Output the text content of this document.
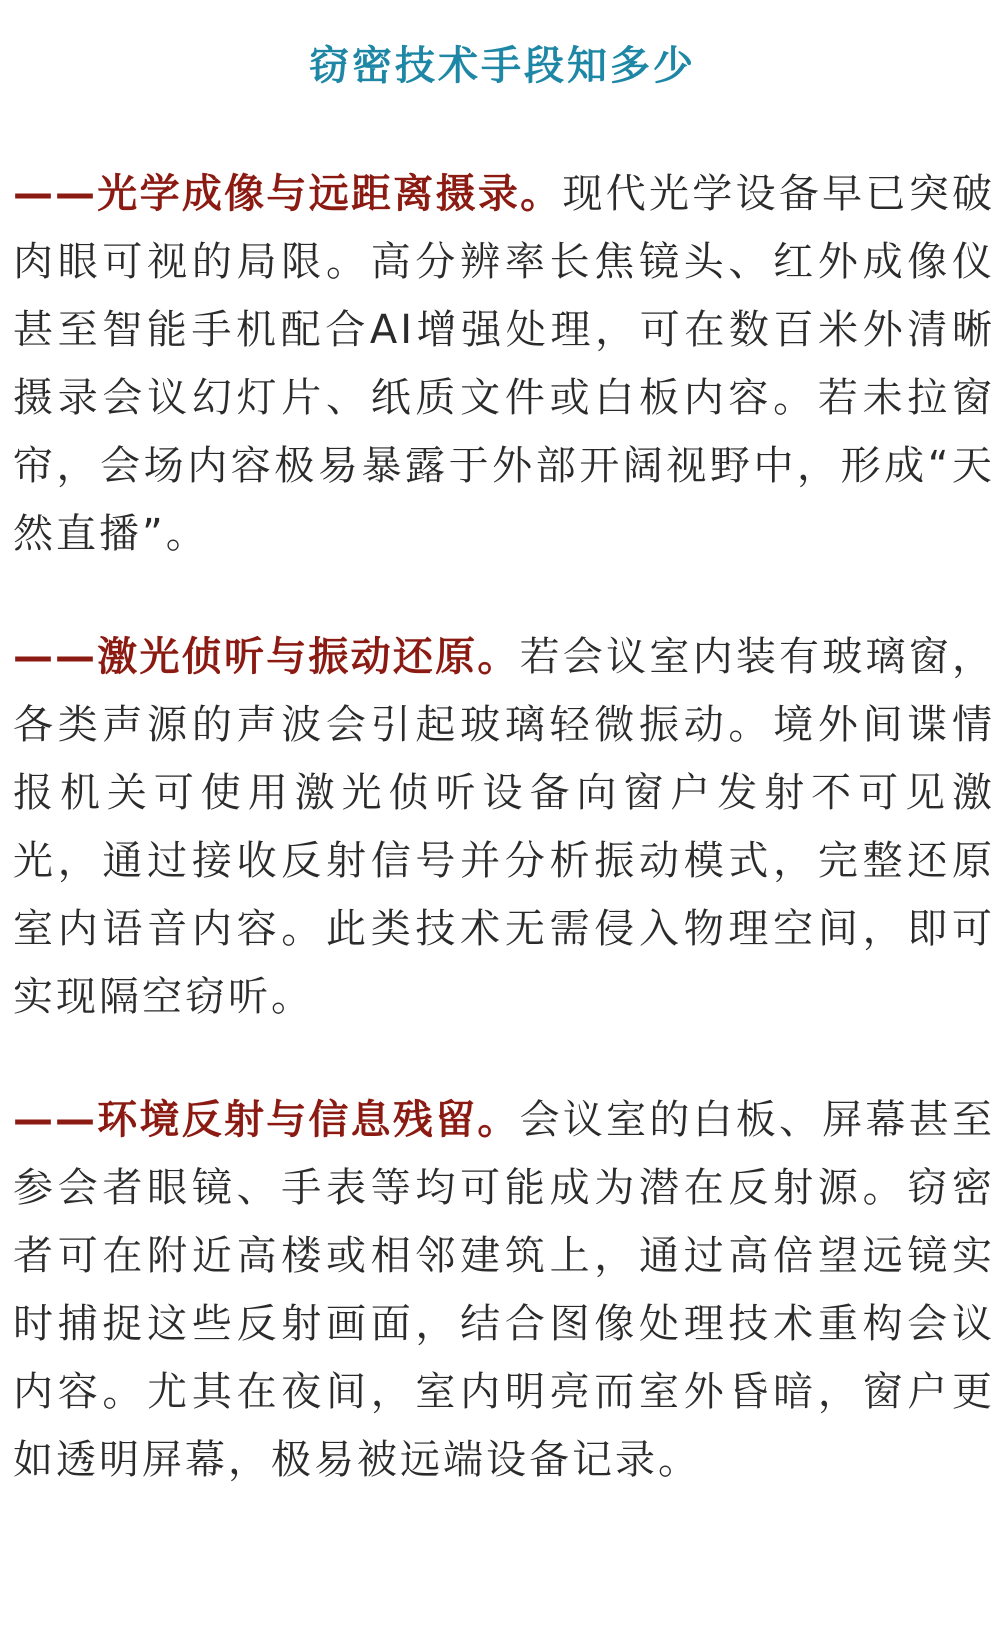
窃密技术手段知多少

——光学成像与远距离摄录。现代光学设备早已突破肉眼可视的局限。高分辨率长焦镜头、红外成像仪甚至智能手机配合AI增强处理，可在数百米外清晰摄录会议幻灯片、纸质文件或白板内容。若未拉窗帘，会场内容极易暴露于外部开阔视野中，形成“天然直播”。

——激光侦听与振动还原。若会议室内装有玻璃窗，各类声源的声波会引起玻璃轻微振动。境外间谍情报机关可使用激光侦听设备向窗户发射不可见激光，通过接收反射信号并分析振动模式，完整还原室内语音内容。此类技术无需侵入物理空间，即可实现隔空窃听。

——环境反射与信息残留。会议室的白板、屏幕甚至参会者眼镜、手表等均可能成为潜在反射源。窃密者可在附近高楼或相邻建筑上，通过高倍望远镜实时捕捉这些反射画面，结合图像处理技术重构会议内容。尤其在夜间，室内明亮而室外昏暗，窗户更如透明屏幕，极易被远端设备记录。
